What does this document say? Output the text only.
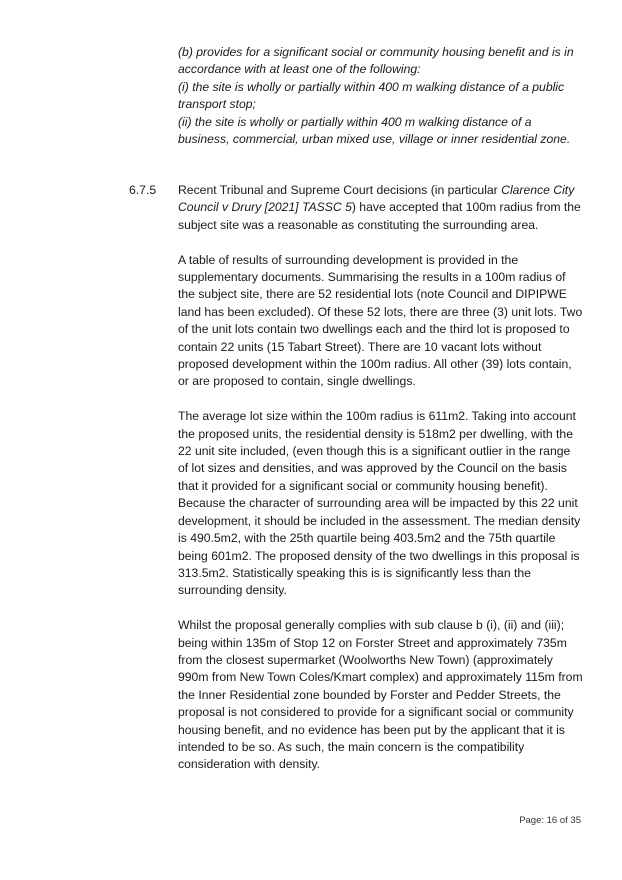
(b) provides for a significant social or community housing benefit and is in accordance with at least one of the following:

(i) the site is wholly or partially within 400 m walking distance of a public transport stop;

(ii) the site is wholly or partially within 400 m walking distance of a business, commercial, urban mixed use, village or inner residential zone.

6.7.5 Recent Tribunal and Supreme Court decisions (in particular Clarence City Council v Drury [2021] TASSC 5) have accepted that 100m radius from the subject site was a reasonable as constituting the surrounding area.

A table of results of surrounding development is provided in the supplementary documents. Summarising the results in a 100m radius of the subject site, there are 52 residential lots (note Council and DIPIPWE land has been excluded). Of these 52 lots, there are three (3) unit lots. Two of the unit lots contain two dwellings each and the third lot is proposed to contain 22 units (15 Tabart Street). There are 10 vacant lots without proposed development within the 100m radius. All other (39) lots contain, or are proposed to contain, single dwellings.

The average lot size within the 100m radius is 611m2. Taking into account the proposed units, the residential density is 518m2 per dwelling, with the 22 unit site included, (even though this is a significant outlier in the range of lot sizes and densities, and was approved by the Council on the basis that it provided for a significant social or community housing benefit). Because the character of surrounding area will be impacted by this 22 unit development, it should be included in the assessment. The median density is 490.5m2, with the 25th quartile being 403.5m2 and the 75th quartile being 601m2. The proposed density of the two dwellings in this proposal is 313.5m2. Statistically speaking this is is significantly less than the surrounding density.

Whilst the proposal generally complies with sub clause b (i), (ii) and (iii); being within 135m of Stop 12 on Forster Street and approximately 735m from the closest supermarket (Woolworths New Town) (approximately 990m from New Town Coles/Kmart complex) and approximately 115m from the Inner Residential zone bounded by Forster and Pedder Streets, the proposal is not considered to provide for a significant social or community housing benefit, and no evidence has been put by the applicant that it is intended to be so. As such, the main concern is the compatibility consideration with density.

Page: 16 of 35
